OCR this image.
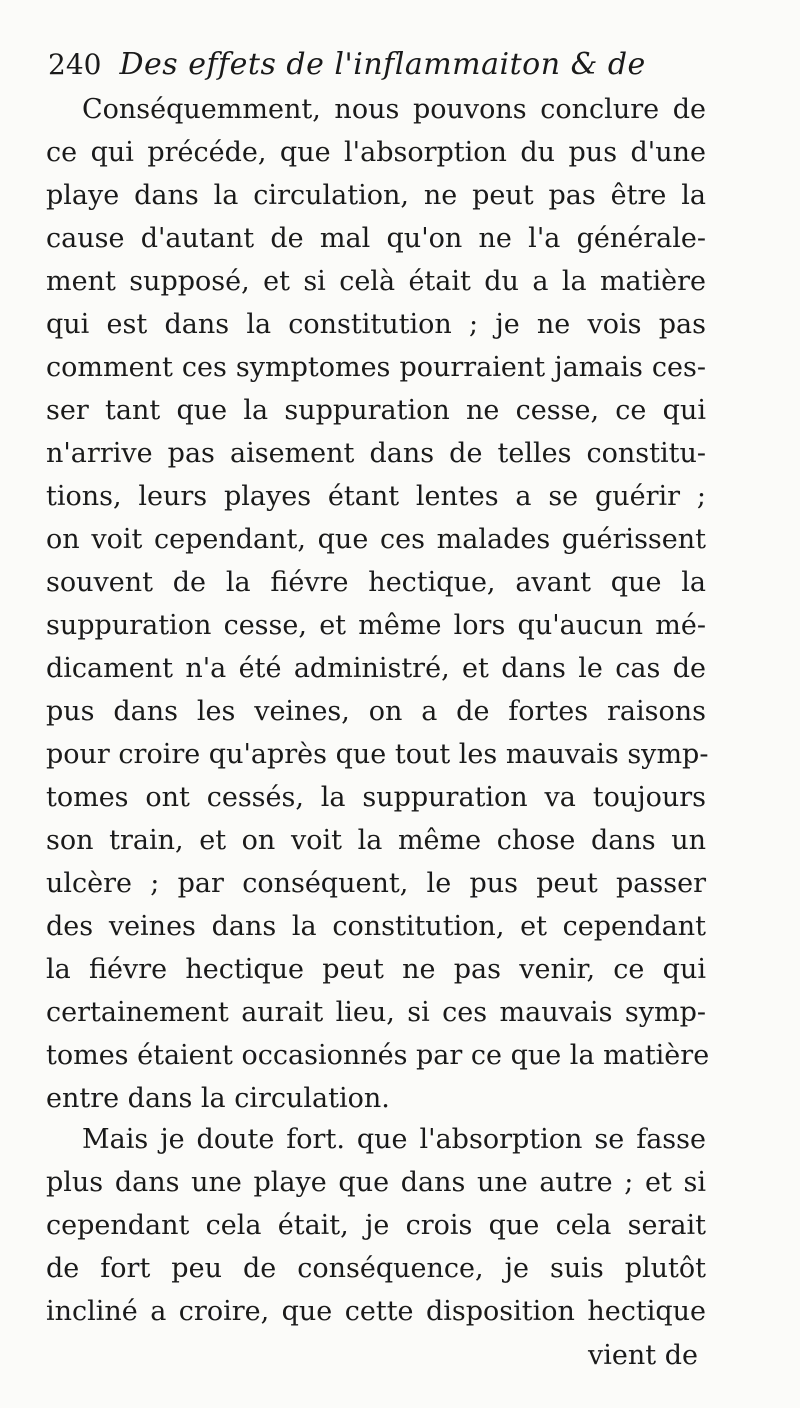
240 Des effets de l'inflammaiton & de
Conséquemment, nous pouvons conclure de
ce qui précéde, que l'absorption du pus d'une
playe dans la circulation, ne peut pas être la
cause d'autant de mal qu'on ne l'a générale-
ment supposé, et si celà était du a la matière
qui est dans la constitution ; je ne vois pas
comment ces symptomes pourraient jamais ces-
ser tant que la suppuration ne cesse, ce qui
n'arrive pas aisement dans de telles constitu-
tions, leurs playes étant lentes a se guérir ;
on voit cependant, que ces malades guérissent
souvent de la fiévre hectique, avant que la
suppuration cesse, et même lors qu'aucun mé-
dicament n'a été administré, et dans le cas de
pus dans les veines, on a de fortes raisons
pour croire qu'après que tout les mauvais symp-
tomes ont cessés, la suppuration va toujours
son train, et on voit la même chose dans un
ulcère ; par conséquent, le pus peut passer
des veines dans la constitution, et cependant
la fiévre hectique peut ne pas venir, ce qui
certainement aurait lieu, si ces mauvais symp-
tomes étaient occasionnés par ce que la matière
entre dans la circulation.
Mais je doute fort. que l'absorption se fasse
plus dans une playe que dans une autre ; et si
cependant cela était, je crois que cela serait
de fort peu de conséquence, je suis plutôt
incliné a croire, que cette disposition hectique
vient de
